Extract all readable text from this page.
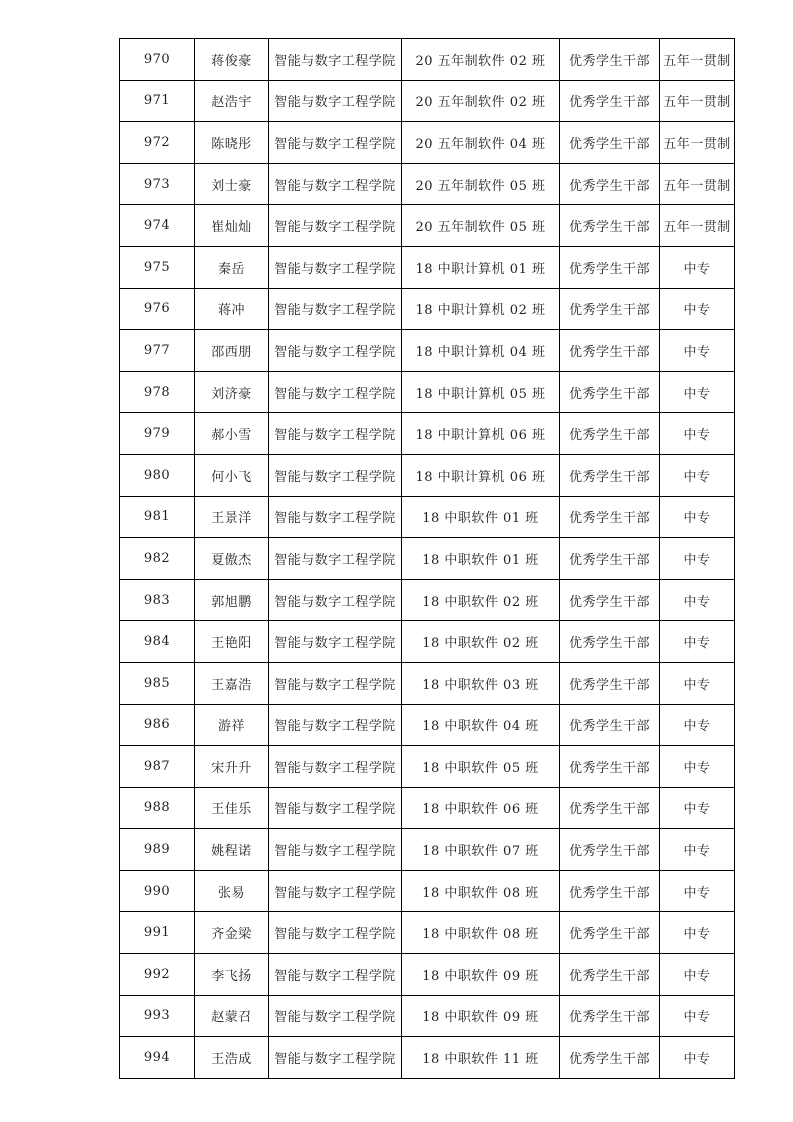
970	蒋俊豪	智能与数字工程学院	20 五年制软件 02 班	优秀学生干部	五年一贯制
971	赵浩宇	智能与数字工程学院	20 五年制软件 02 班	优秀学生干部	五年一贯制
972	陈晓彤	智能与数字工程学院	20 五年制软件 04 班	优秀学生干部	五年一贯制
973	刘士豪	智能与数字工程学院	20 五年制软件 05 班	优秀学生干部	五年一贯制
974	崔灿灿	智能与数字工程学院	20 五年制软件 05 班	优秀学生干部	五年一贯制
975	秦岳	智能与数字工程学院	18 中职计算机 01 班	优秀学生干部	中专
976	蒋冲	智能与数字工程学院	18 中职计算机 02 班	优秀学生干部	中专
977	邵西朋	智能与数字工程学院	18 中职计算机 04 班	优秀学生干部	中专
978	刘济豪	智能与数字工程学院	18 中职计算机 05 班	优秀学生干部	中专
979	郝小雪	智能与数字工程学院	18 中职计算机 06 班	优秀学生干部	中专
980	何小飞	智能与数字工程学院	18 中职计算机 06 班	优秀学生干部	中专
981	王景洋	智能与数字工程学院	18 中职软件 01 班	优秀学生干部	中专
982	夏傲杰	智能与数字工程学院	18 中职软件 01 班	优秀学生干部	中专
983	郭旭鹏	智能与数字工程学院	18 中职软件 02 班	优秀学生干部	中专
984	王艳阳	智能与数字工程学院	18 中职软件 02 班	优秀学生干部	中专
985	王嘉浩	智能与数字工程学院	18 中职软件 03 班	优秀学生干部	中专
986	游祥	智能与数字工程学院	18 中职软件 04 班	优秀学生干部	中专
987	宋升升	智能与数字工程学院	18 中职软件 05 班	优秀学生干部	中专
988	王佳乐	智能与数字工程学院	18 中职软件 06 班	优秀学生干部	中专
989	姚程诺	智能与数字工程学院	18 中职软件 07 班	优秀学生干部	中专
990	张易	智能与数字工程学院	18 中职软件 08 班	优秀学生干部	中专
991	齐金梁	智能与数字工程学院	18 中职软件 08 班	优秀学生干部	中专
992	李飞扬	智能与数字工程学院	18 中职软件 09 班	优秀学生干部	中专
993	赵蒙召	智能与数字工程学院	18 中职软件 09 班	优秀学生干部	中专
994	王浩成	智能与数字工程学院	18 中职软件 11 班	优秀学生干部	中专
